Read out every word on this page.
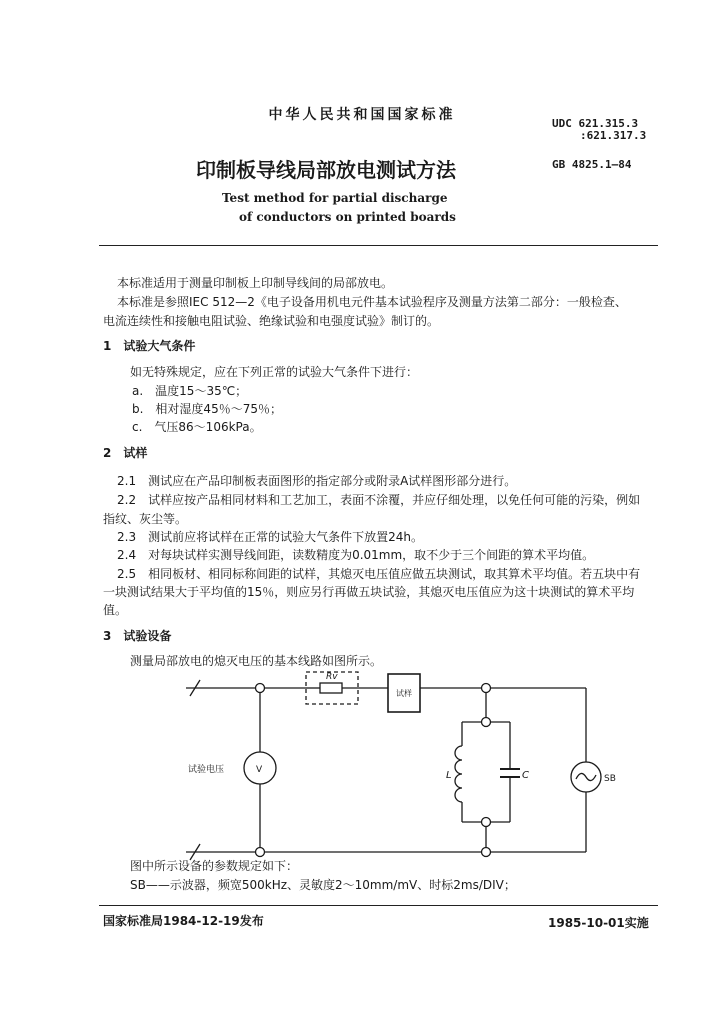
中华人民共和国国家标准
UDC 621.315.3
:621.317.3
印制板导线局部放电测试方法	GB 4825.1—84
Test method for partial discharge
of conductors on printed boards
本标准适用于测量印制板上印制导线间的局部放电。
本标准是参照IEC 512—2《电子设备用机电元件基本试验程序及测量方法第二部分：一般检查、
电流连续性和接触电阻试验、绝缘试验和电强度试验》制订的。
1　试验大气条件
如无特殊规定，应在下列正常的试验大气条件下进行：
a.　温度15～35℃；
b.　相对湿度45％～75％；
c.　气压86～106kPa。
2　试样
2.1　测试应在产品印制板表面图形的指定部分或附录A试样图形部分进行。
2.2　试样应按产品相同材料和工艺加工，表面不涂覆，并应仔细处理，以免任何可能的污染，例如
指纹、灰尘等。
2.3　测试前应将试样在正常的试验大气条件下放置24h。
2.4　对每块试样实测导线间距，读数精度为0.01mm，取不少于三个间距的算术平均值。
2.5　相同板材、相同标称间距的试样，其熄灭电压值应做五块测试，取其算术平均值。若五块中有
一块测试结果大于平均值的15％，则应另行再做五块试验，其熄灭电压值应为这十块测试的算术平均
值。
3　试验设备
测量局部放电的熄灭电压的基本线路如图所示。
Rv
试样
试验电压	V	L	C	SB
图中所示设备的参数规定如下：
SB——示波器，频宽500kHz、灵敏度2～10mm/mV、时标2ms/DIV；
国家标准局1984-12-19发布	1985-10-01实施
